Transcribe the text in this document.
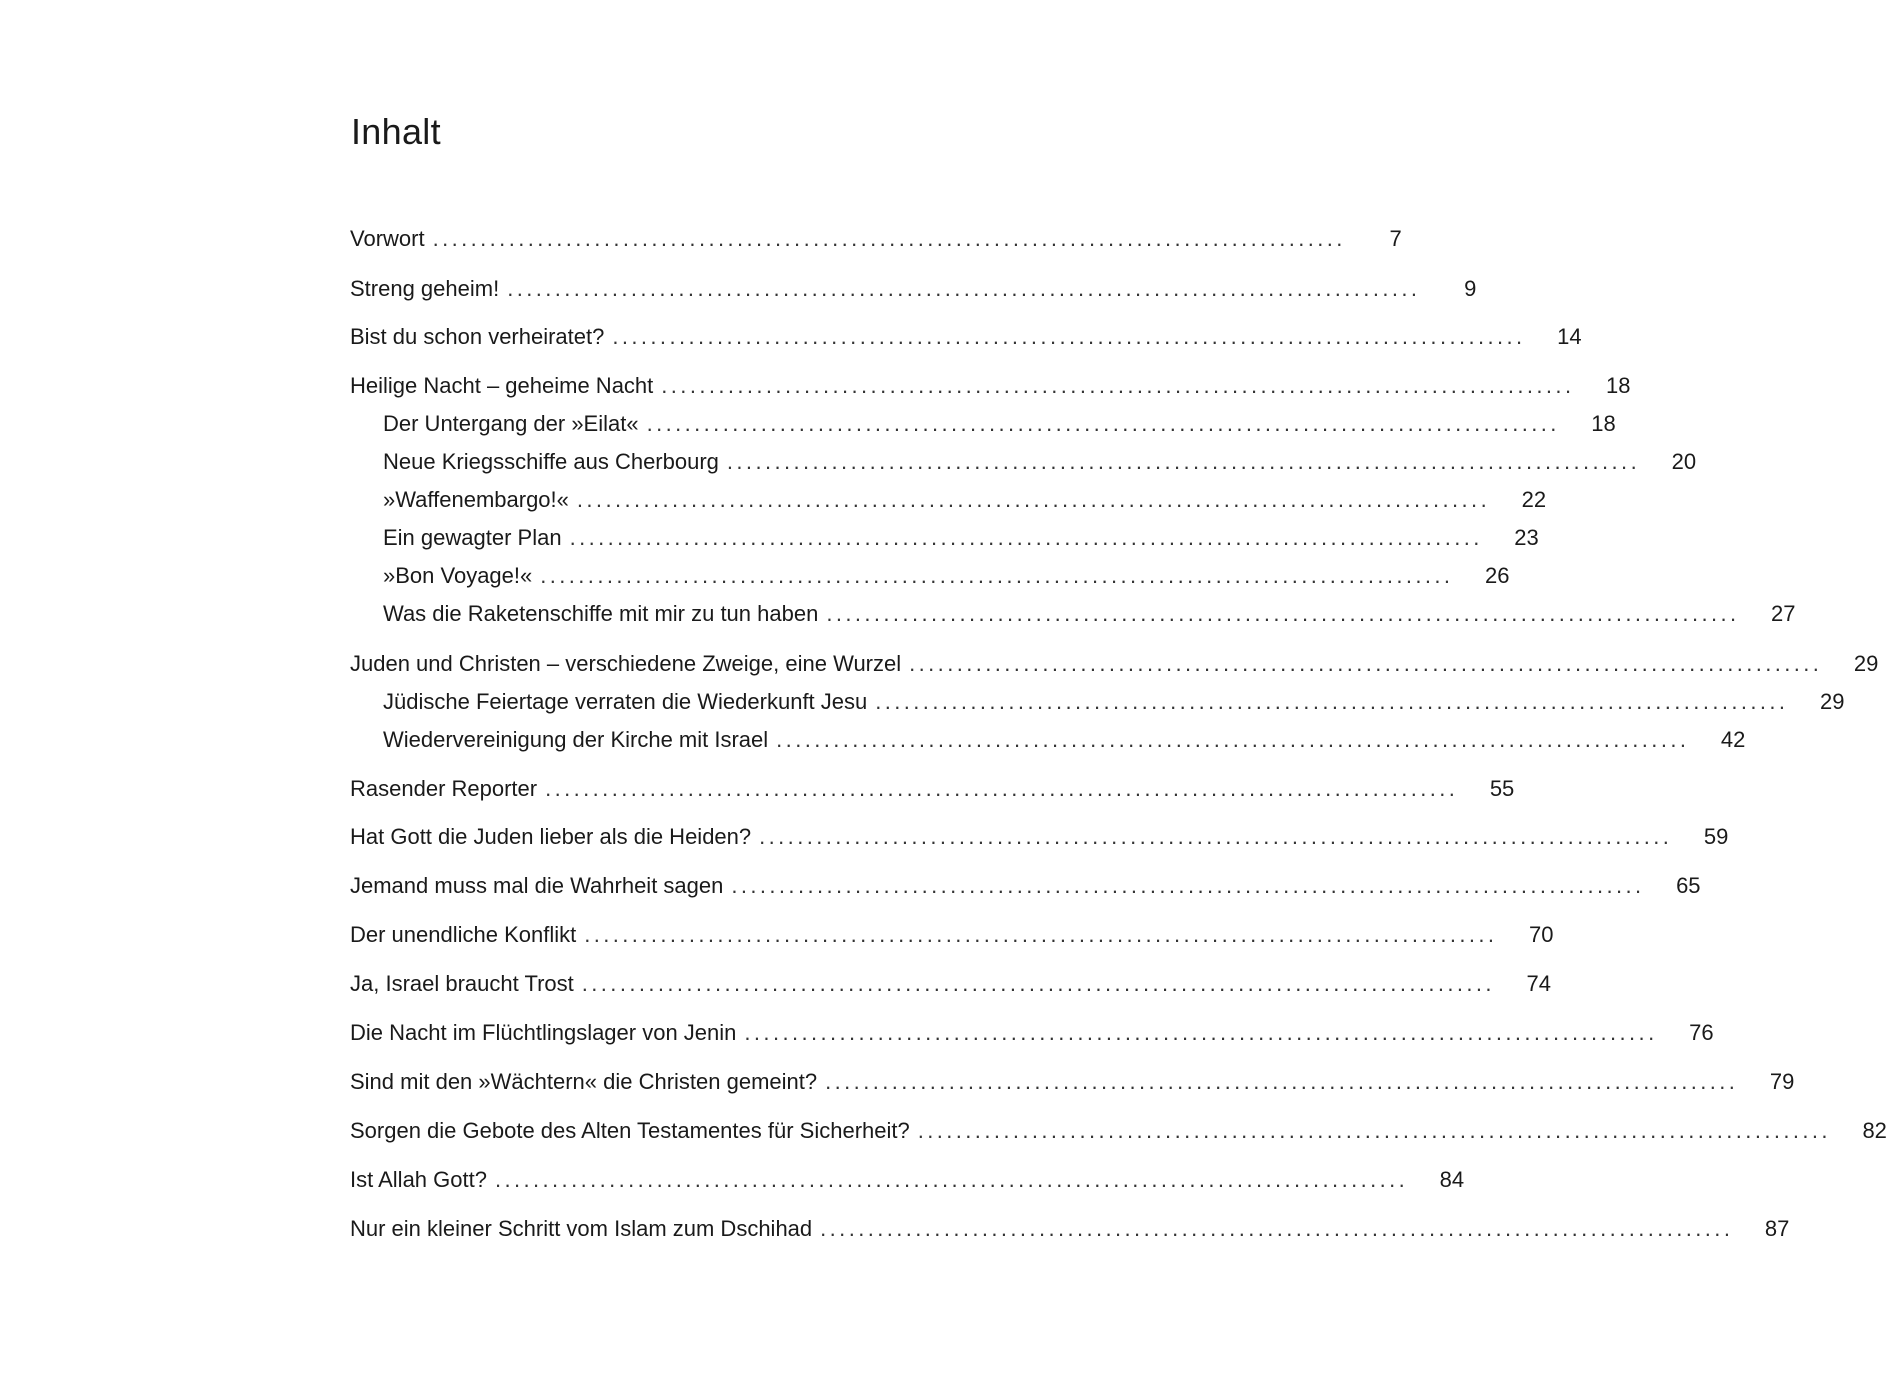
Inhalt
Vorwort ................................................................................................	7
Streng geheim! ................................................................................................	9
Bist du schon verheiratet? ................................................................................................	14
Heilige Nacht – geheime Nacht ................................................................................................	18
Der Untergang der »Eilat« ................................................................................................	18
Neue Kriegsschiffe aus Cherbourg ................................................................................................	20
»Waffenembargo!« ................................................................................................	22
Ein gewagter Plan ................................................................................................	23
»Bon Voyage!« ................................................................................................	26
Was die Raketenschiffe mit mir zu tun haben ................................................................................................	27
Juden und Christen – verschiedene Zweige, eine Wurzel ................................................................................................	29
Jüdische Feiertage verraten die Wiederkunft Jesu ................................................................................................	29
Wiedervereinigung der Kirche mit Israel ................................................................................................	42
Rasender Reporter ................................................................................................	55
Hat Gott die Juden lieber als die Heiden? ................................................................................................	59
Jemand muss mal die Wahrheit sagen ................................................................................................	65
Der unendliche Konflikt ................................................................................................	70
Ja, Israel braucht Trost ................................................................................................	74
Die Nacht im Flüchtlingslager von Jenin ................................................................................................	76
Sind mit den »Wächtern« die Christen gemeint? ................................................................................................	79
Sorgen die Gebote des Alten Testamentes für Sicherheit? ................................................................................................	82
Ist Allah Gott? ................................................................................................	84
Nur ein kleiner Schritt vom Islam zum Dschihad ................................................................................................	87
